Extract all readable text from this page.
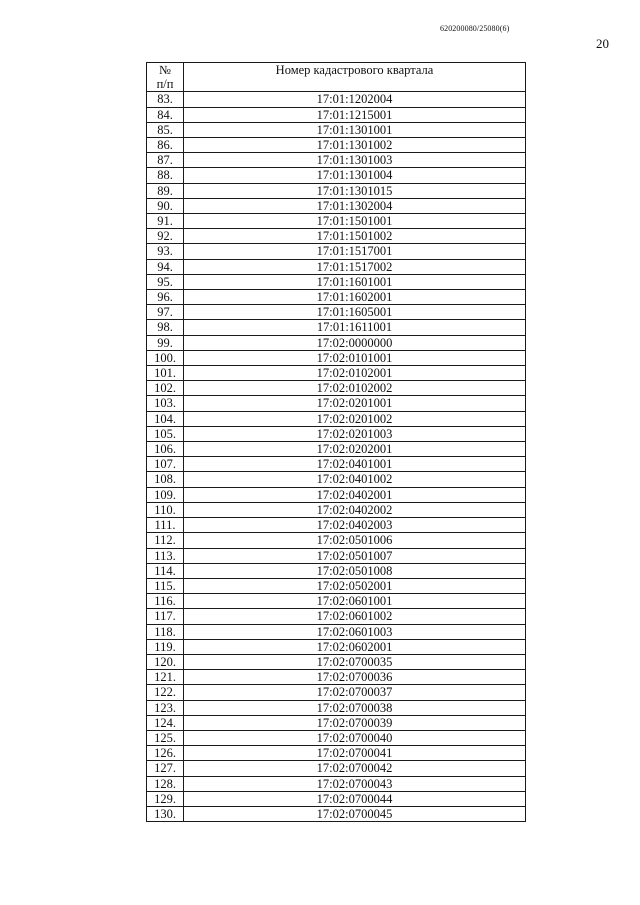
620200080/25080(6)
20
№
п/п	Номер кадастрового квартала
83.	17:01:1202004
84.	17:01:1215001
85.	17:01:1301001
86.	17:01:1301002
87.	17:01:1301003
88.	17:01:1301004
89.	17:01:1301015
90.	17:01:1302004
91.	17:01:1501001
92.	17:01:1501002
93.	17:01:1517001
94.	17:01:1517002
95.	17:01:1601001
96.	17:01:1602001
97.	17:01:1605001
98.	17:01:1611001
99.	17:02:0000000
100.	17:02:0101001
101.	17:02:0102001
102.	17:02:0102002
103.	17:02:0201001
104.	17:02:0201002
105.	17:02:0201003
106.	17:02:0202001
107.	17:02:0401001
108.	17:02:0401002
109.	17:02:0402001
110.	17:02:0402002
111.	17:02:0402003
112.	17:02:0501006
113.	17:02:0501007
114.	17:02:0501008
115.	17:02:0502001
116.	17:02:0601001
117.	17:02:0601002
118.	17:02:0601003
119.	17:02:0602001
120.	17:02:0700035
121.	17:02:0700036
122.	17:02:0700037
123.	17:02:0700038
124.	17:02:0700039
125.	17:02:0700040
126.	17:02:0700041
127.	17:02:0700042
128.	17:02:0700043
129.	17:02:0700044
130.	17:02:0700045
